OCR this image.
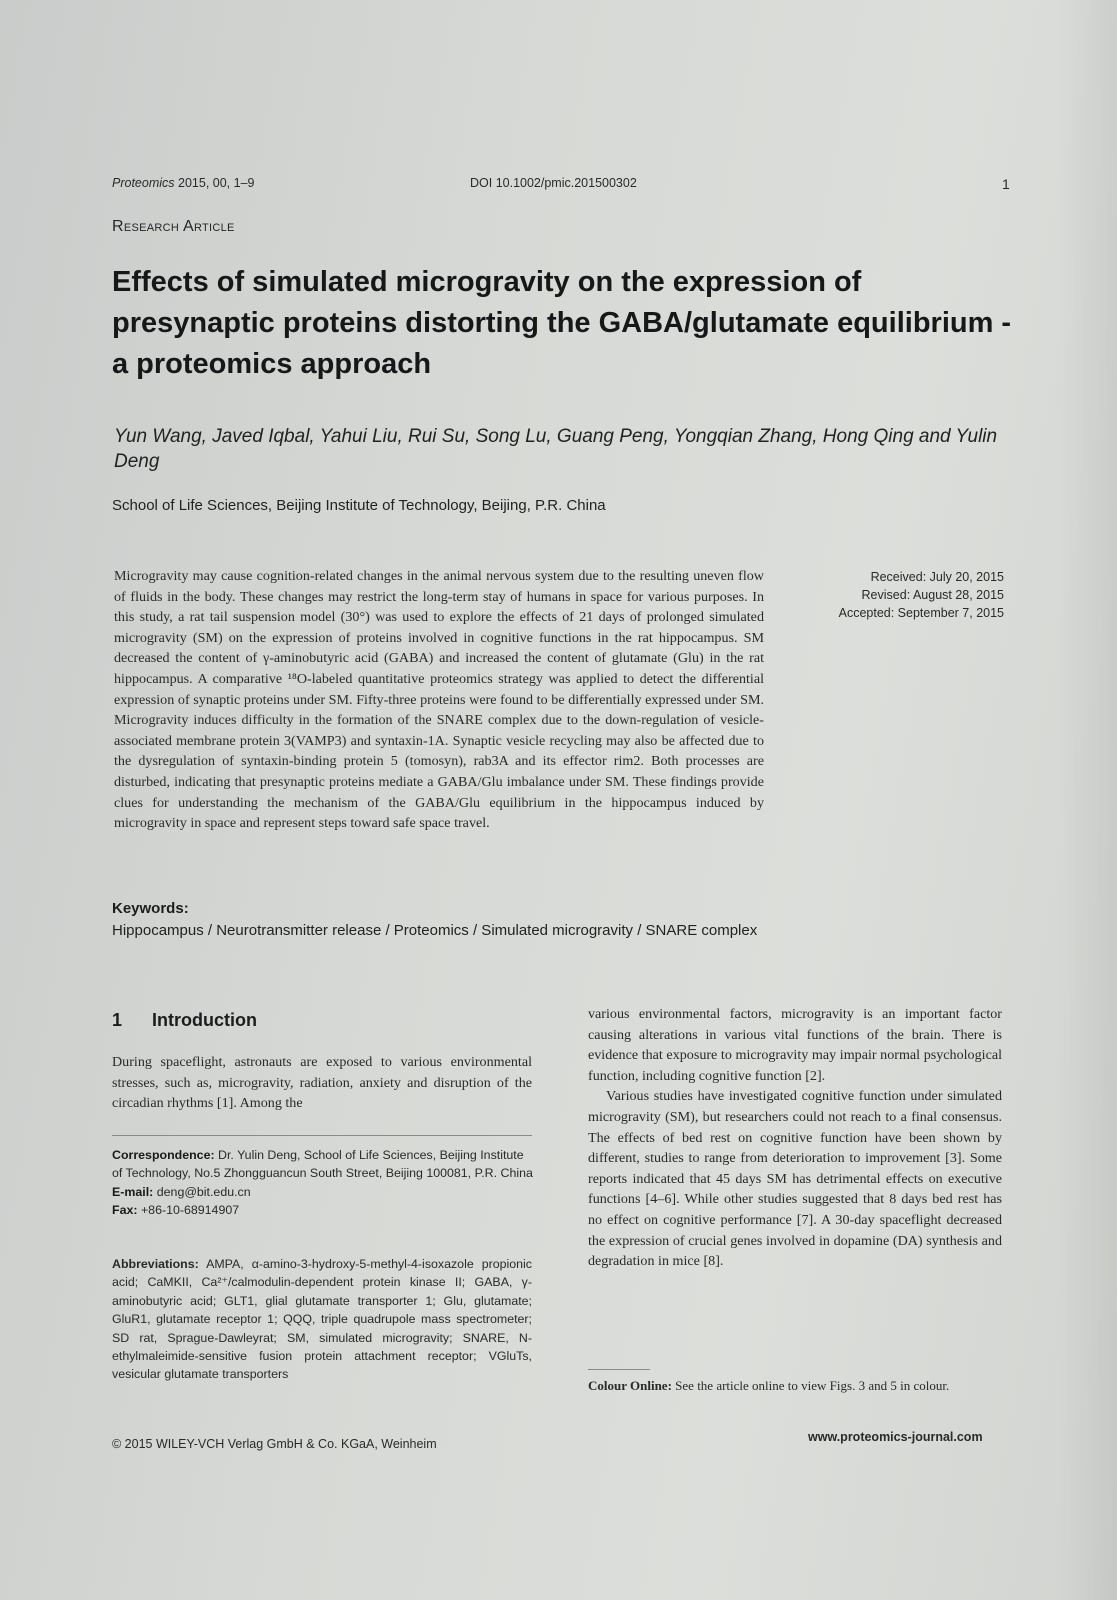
Proteomics 2015, 00, 1–9	DOI 10.1002/pmic.201500302	1
Research Article
Effects of simulated microgravity on the expression of presynaptic proteins distorting the GABA/glutamate equilibrium - a proteomics approach
Yun Wang, Javed Iqbal, Yahui Liu, Rui Su, Song Lu, Guang Peng, Yongqian Zhang, Hong Qing and Yulin Deng
School of Life Sciences, Beijing Institute of Technology, Beijing, P.R. China

Microgravity may cause cognition-related changes in the animal nervous system due to the resulting uneven flow of fluids in the body. These changes may restrict the long-term stay of humans in space for various purposes. In this study, a rat tail suspension model (30°) was used to explore the effects of 21 days of prolonged simulated microgravity (SM) on the expression of proteins involved in cognitive functions in the rat hippocampus. SM decreased the content of γ-aminobutyric acid (GABA) and increased the content of glutamate (Glu) in the rat hippocampus. A comparative ¹⁸O-labeled quantitative proteomics strategy was applied to detect the differential expression of synaptic proteins under SM. Fifty-three proteins were found to be differentially expressed under SM. Microgravity induces difficulty in the formation of the SNARE complex due to the down-regulation of vesicle-associated membrane protein 3(VAMP3) and syntaxin-1A. Synaptic vesicle recycling may also be affected due to the dysregulation of syntaxin-binding protein 5 (tomosyn), rab3A and its effector rim2. Both processes are disturbed, indicating that presynaptic proteins mediate a GABA/Glu imbalance under SM. These findings provide clues for understanding the mechanism of the GABA/Glu equilibrium in the hippocampus induced by microgravity in space and represent steps toward safe space travel.

Received: July 20, 2015
Revised: August 28, 2015
Accepted: September 7, 2015
Keywords:
Hippocampus / Neurotransmitter release / Proteomics / Simulated microgravity / SNARE complex
1 Introduction

During spaceflight, astronauts are exposed to various environmental stresses, such as, microgravity, radiation, anxiety and disruption of the circadian rhythms [1]. Among the

Correspondence: Dr. Yulin Deng, School of Life Sciences, Beijing Institute of Technology, No.5 Zhongguancun South Street, Beijing 100081, P.R. China
E-mail: deng@bit.edu.cn
Fax: +86-10-68914907

Abbreviations: AMPA, α-amino-3-hydroxy-5-methyl-4-isoxazole propionic acid; CaMKII, Ca²⁺/calmodulin-dependent protein kinase II; GABA, γ-aminobutyric acid; GLT1, glial glutamate transporter 1; Glu, glutamate; GluR1, glutamate receptor 1; QQQ, triple quadrupole mass spectrometer; SD rat, Sprague-Dawleyrat; SM, simulated microgravity; SNARE, N-ethylmaleimide-sensitive fusion protein attachment receptor; VGluTs, vesicular glutamate transporters

various environmental factors, microgravity is an important factor causing alterations in various vital functions of the brain. There is evidence that exposure to microgravity may impair normal psychological function, including cognitive function [2].

Various studies have investigated cognitive function under simulated microgravity (SM), but researchers could not reach to a final consensus. The effects of bed rest on cognitive function have been shown by different, studies to range from deterioration to improvement [3]. Some reports indicated that 45 days SM has detrimental effects on executive functions [4–6]. While other studies suggested that 8 days bed rest has no effect on cognitive performance [7]. A 30-day spaceflight decreased the expression of crucial genes involved in dopamine (DA) synthesis and degradation in mice [8].

Colour Online: See the article online to view Figs. 3 and 5 in colour.
© 2015 WILEY-VCH Verlag GmbH & Co. KGaA, Weinheim	www.proteomics-journal.com
